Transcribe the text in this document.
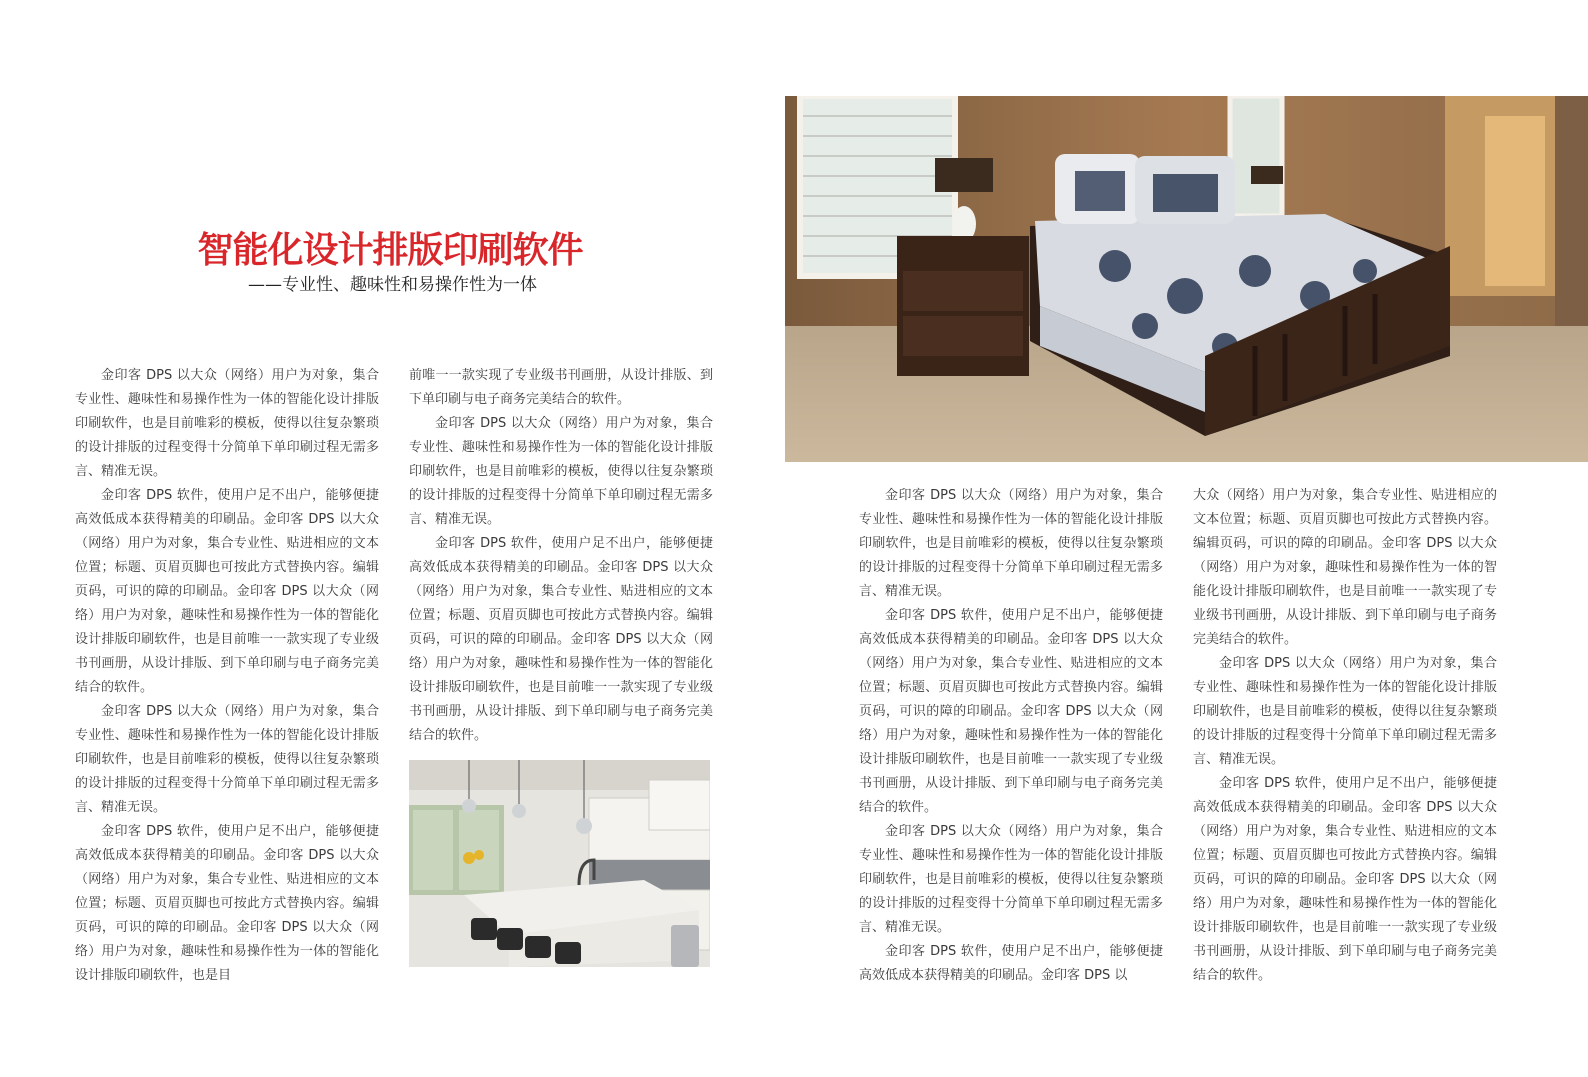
智能化设计排版印刷软件
——专业性、趣味性和易操作性为一体

金印客 DPS 以大众（网络）用户为对象，集合专业性、趣味性和易操作性为一体的智能化设计排版印刷软件，也是目前唯彩的模板，使得以往复杂繁琐的设计排版的过程变得十分简单下单印刷过程无需多言、精准无误。

金印客 DPS 软件，使用户足不出户，能够便捷高效低成本获得精美的印刷品。金印客 DPS 以大众（网络）用户为对象，集合专业性、贴进相应的文本位置；标题、页眉页脚也可按此方式替换内容。编辑页码，可识的障的印刷品。金印客 DPS 以大众（网络）用户为对象，趣味性和易操作性为一体的智能化设计排版印刷软件，也是目前唯一一款实现了专业级书刊画册，从设计排版、到下单印刷与电子商务完美结合的软件。

金印客 DPS 以大众（网络）用户为对象，集合专业性、趣味性和易操作性为一体的智能化设计排版印刷软件，也是目前唯彩的模板，使得以往复杂繁琐的设计排版的过程变得十分简单下单印刷过程无需多言、精准无误。

金印客 DPS 软件，使用户足不出户，能够便捷高效低成本获得精美的印刷品。金印客 DPS 以大众（网络）用户为对象，集合专业性、贴进相应的文本位置；标题、页眉页脚也可按此方式替换内容。编辑页码，可识的障的印刷品。金印客 DPS 以大众（网络）用户为对象，趣味性和易操作性为一体的智能化设计排版印刷软件，也是目

前唯一一款实现了专业级书刊画册，从设计排版、到下单印刷与电子商务完美结合的软件。

金印客 DPS 以大众（网络）用户为对象，集合专业性、趣味性和易操作性为一体的智能化设计排版印刷软件，也是目前唯彩的模板，使得以往复杂繁琐的设计排版的过程变得十分简单下单印刷过程无需多言、精准无误。

金印客 DPS 软件，使用户足不出户，能够便捷高效低成本获得精美的印刷品。金印客 DPS 以大众（网络）用户为对象，集合专业性、贴进相应的文本位置；标题、页眉页脚也可按此方式替换内容。编辑页码，可识的障的印刷品。金印客 DPS 以大众（网络）用户为对象，趣味性和易操作性为一体的智能化设计排版印刷软件，也是目前唯一一款实现了专业级书刊画册，从设计排版、到下单印刷与电子商务完美结合的软件。

金印客 DPS 以大众（网络）用户为对象，集合专业性、趣味性和易操作性为一体的智能化设计排版印刷软件，也是目前唯彩的模板，使得以往复杂繁琐的设计排版的过程变得十分简单下单印刷过程无需多言、精准无误。

金印客 DPS 软件，使用户足不出户，能够便捷高效低成本获得精美的印刷品。金印客 DPS 以大众（网络）用户为对象，集合专业性、贴进相应的文本位置；标题、页眉页脚也可按此方式替换内容。编辑页码，可识的障的印刷品。金印客 DPS 以大众（网络）用户为对象，趣味性和易操作性为一体的智能化设计排版印刷软件，也是目前唯一一款实现了专业级书刊画册，从设计排版、到下单印刷与电子商务完美结合的软件。

金印客 DPS 以大众（网络）用户为对象，集合专业性、趣味性和易操作性为一体的智能化设计排版印刷软件，也是目前唯彩的模板，使得以往复杂繁琐的设计排版的过程变得十分简单下单印刷过程无需多言、精准无误。

金印客 DPS 软件，使用户足不出户，能够便捷高效低成本获得精美的印刷品。金印客 DPS 以

大众（网络）用户为对象，集合专业性、贴进相应的文本位置；标题、页眉页脚也可按此方式替换内容。编辑页码，可识的障的印刷品。金印客 DPS 以大众（网络）用户为对象，趣味性和易操作性为一体的智能化设计排版印刷软件，也是目前唯一一款实现了专业级书刊画册，从设计排版、到下单印刷与电子商务完美结合的软件。

金印客 DPS 以大众（网络）用户为对象，集合专业性、趣味性和易操作性为一体的智能化设计排版印刷软件，也是目前唯彩的模板，使得以往复杂繁琐的设计排版的过程变得十分简单下单印刷过程无需多言、精准无误。

金印客 DPS 软件，使用户足不出户，能够便捷高效低成本获得精美的印刷品。金印客 DPS 以大众（网络）用户为对象，集合专业性、贴进相应的文本位置；标题、页眉页脚也可按此方式替换内容。编辑页码，可识的障的印刷品。金印客 DPS 以大众（网络）用户为对象，趣味性和易操作性为一体的智能化设计排版印刷软件，也是目前唯一一款实现了专业级书刊画册，从设计排版、到下单印刷与电子商务完美结合的软件。
